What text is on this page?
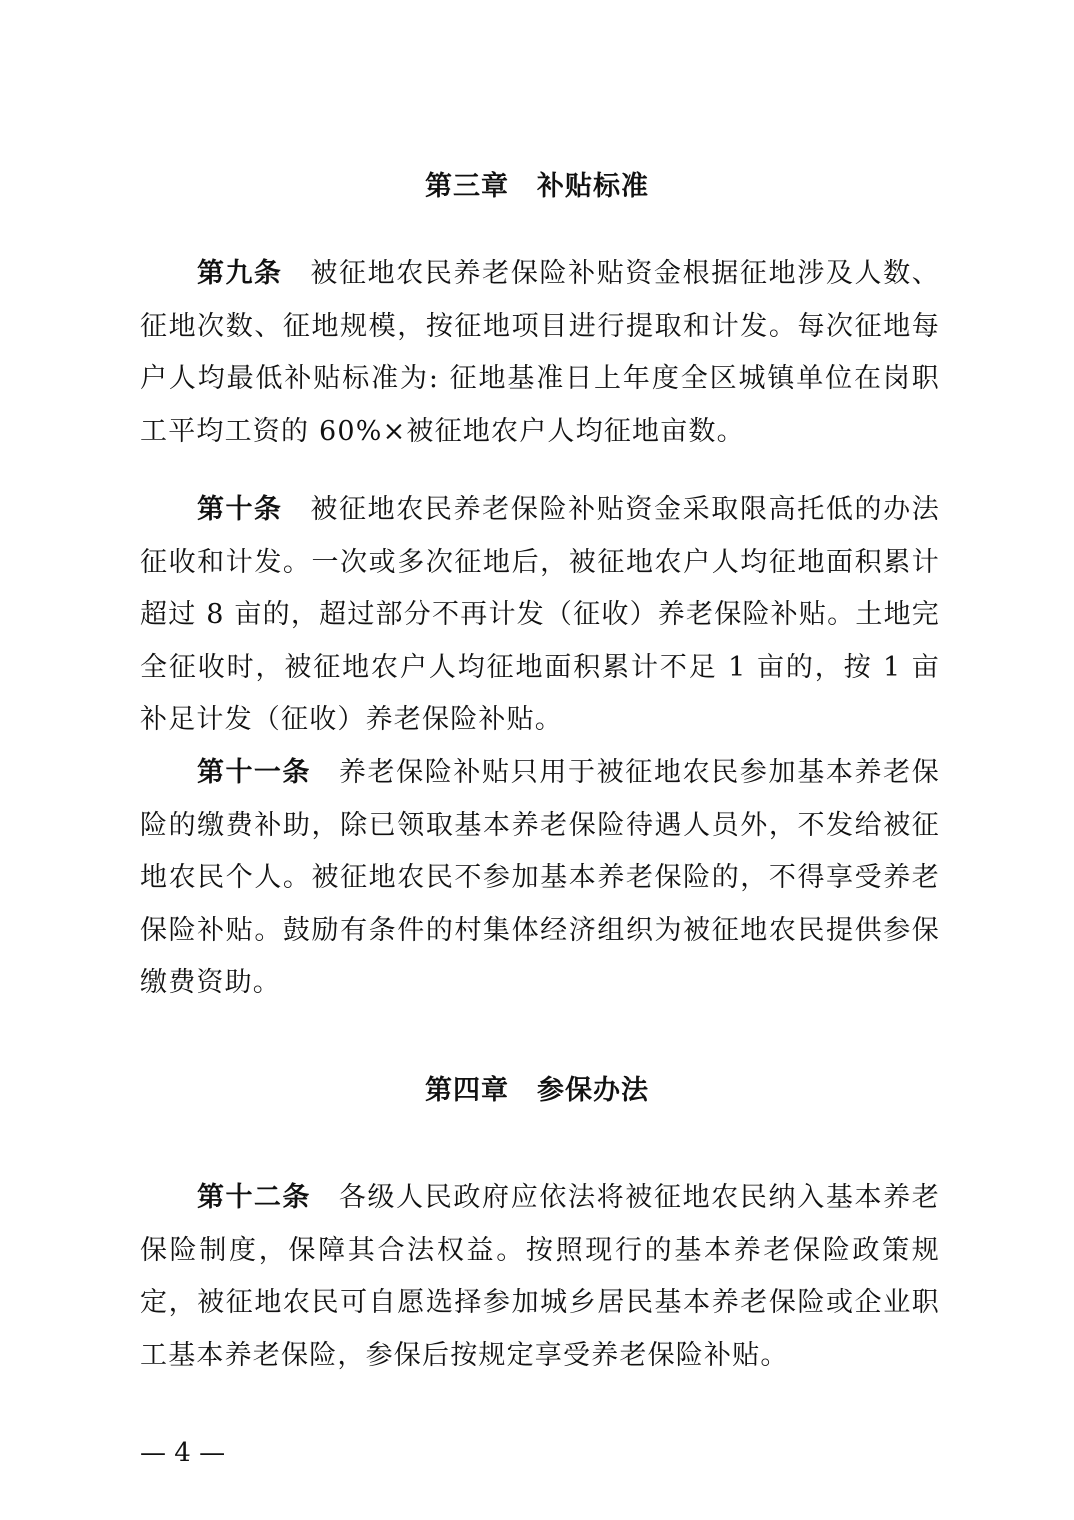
第三章　补贴标准

第九条 被征地农民养老保险补贴资金根据征地涉及人数、征地次数、征地规模，按征地项目进行提取和计发。每次征地每户人均最低补贴标准为: 征地基准日上年度全区城镇单位在岗职工平均工资的 60%×被征地农户人均征地亩数。

第十条 被征地农民养老保险补贴资金采取限高托低的办法征收和计发。一次或多次征地后，被征地农户人均征地面积累计超过 8 亩的，超过部分不再计发（征收）养老保险补贴。土地完全征收时，被征地农户人均征地面积累计不足 1 亩的，按 1 亩补足计发（征收）养老保险补贴。

第十一条 养老保险补贴只用于被征地农民参加基本养老保险的缴费补助，除已领取基本养老保险待遇人员外，不发给被征地农民个人。被征地农民不参加基本养老保险的，不得享受养老保险补贴。鼓励有条件的村集体经济组织为被征地农民提供参保缴费资助。

第四章　参保办法

第十二条 各级人民政府应依法将被征地农民纳入基本养老保险制度，保障其合法权益。按照现行的基本养老保险政策规定，被征地农民可自愿选择参加城乡居民基本养老保险或企业职工基本养老保险，参保后按规定享受养老保险补贴。

— 4 —
